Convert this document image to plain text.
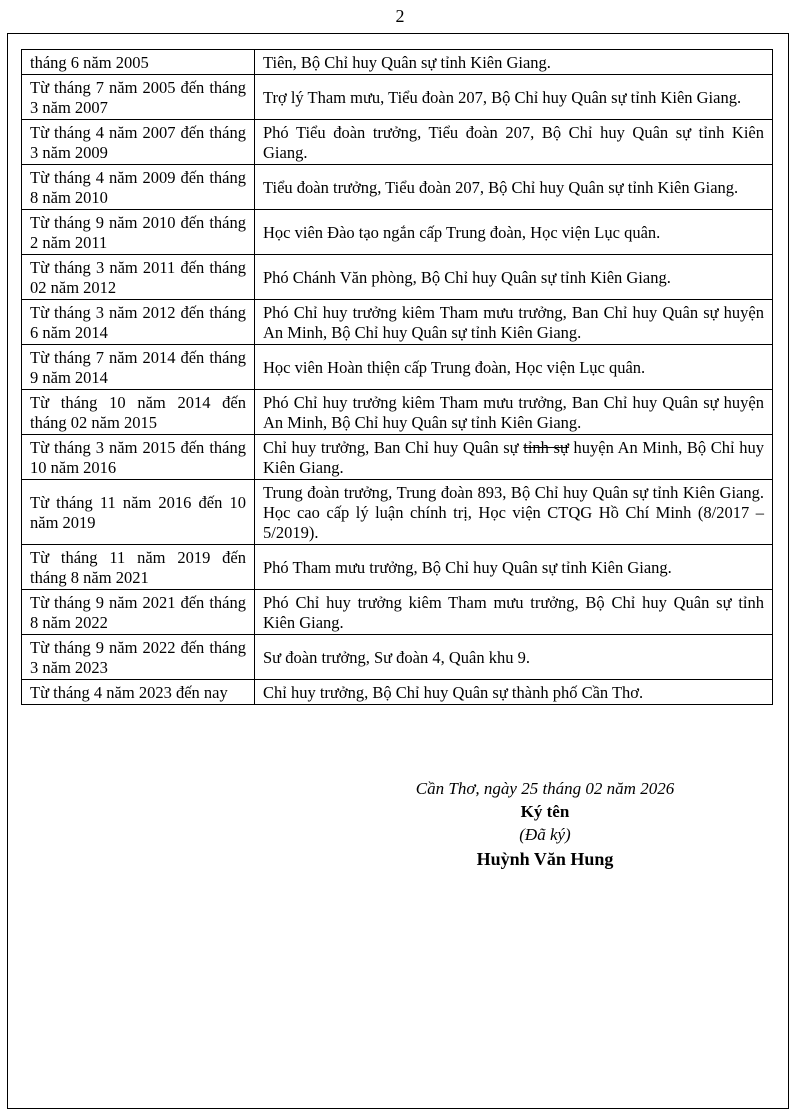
2
tháng 6 năm 2005	Tiên, Bộ Chỉ huy Quân sự tỉnh Kiên Giang.
Từ tháng 7 năm 2005 đến tháng 3 năm 2007	Trợ lý Tham mưu, Tiểu đoàn 207, Bộ Chỉ huy Quân sự tỉnh Kiên Giang.
Từ tháng 4 năm 2007 đến tháng 3 năm 2009	Phó Tiểu đoàn trưởng, Tiểu đoàn 207, Bộ Chỉ huy Quân sự tỉnh Kiên Giang.
Từ tháng 4 năm 2009 đến tháng 8 năm 2010	Tiểu đoàn trưởng, Tiểu đoàn 207, Bộ Chỉ huy Quân sự tỉnh Kiên Giang.
Từ tháng 9 năm 2010 đến tháng 2 năm 2011	Học viên Đào tạo ngắn cấp Trung đoàn, Học viện Lục quân.
Từ tháng 3 năm 2011 đến tháng 02 năm 2012	Phó Chánh Văn phòng, Bộ Chỉ huy Quân sự tỉnh Kiên Giang.
Từ tháng 3 năm 2012 đến tháng 6 năm 2014	Phó Chỉ huy trưởng kiêm Tham mưu trưởng, Ban Chỉ huy Quân sự huyện An Minh, Bộ Chỉ huy Quân sự tỉnh Kiên Giang.
Từ tháng 7 năm 2014 đến tháng 9 năm 2014	Học viên Hoàn thiện cấp Trung đoàn, Học viện Lục quân.
Từ tháng 10 năm 2014 đến tháng 02 năm 2015	Phó Chỉ huy trưởng kiêm Tham mưu trưởng, Ban Chỉ huy Quân sự huyện An Minh, Bộ Chỉ huy Quân sự tỉnh Kiên Giang.
Từ tháng 3 năm 2015 đến tháng 10 năm 2016	Chỉ huy trưởng, Ban Chỉ huy Quân sự tỉnh sự huyện An Minh, Bộ Chỉ huy Kiên Giang.
Từ tháng 11 năm 2016 đến 10 năm 2019	Trung đoàn trưởng, Trung đoàn 893, Bộ Chỉ huy Quân sự tỉnh Kiên Giang. Học cao cấp lý luận chính trị, Học viện CTQG Hồ Chí Minh (8/2017 – 5/2019).
Từ tháng 11 năm 2019 đến tháng 8 năm 2021	Phó Tham mưu trưởng, Bộ Chỉ huy Quân sự tỉnh Kiên Giang.
Từ tháng 9 năm 2021 đến tháng 8 năm 2022	Phó Chỉ huy trưởng kiêm Tham mưu trưởng, Bộ Chỉ huy Quân sự tỉnh Kiên Giang.
Từ tháng 9 năm 2022 đến tháng 3 năm 2023	Sư đoàn trưởng, Sư đoàn 4, Quân khu 9.
Từ tháng 4 năm 2023 đến nay	Chỉ huy trưởng, Bộ Chỉ huy Quân sự thành phố Cần Thơ.
Cần Thơ, ngày 25 tháng 02 năm 2026
Ký tên
(Đã ký)
Huỳnh Văn Hung
